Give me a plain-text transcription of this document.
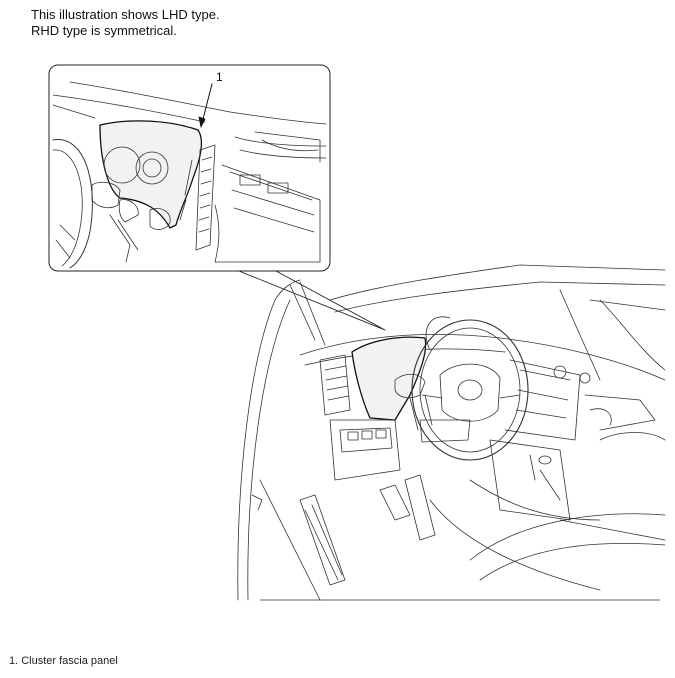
This illustration shows LHD type.
RHD type is symmetrical.
1
1. Cluster fascia panel
